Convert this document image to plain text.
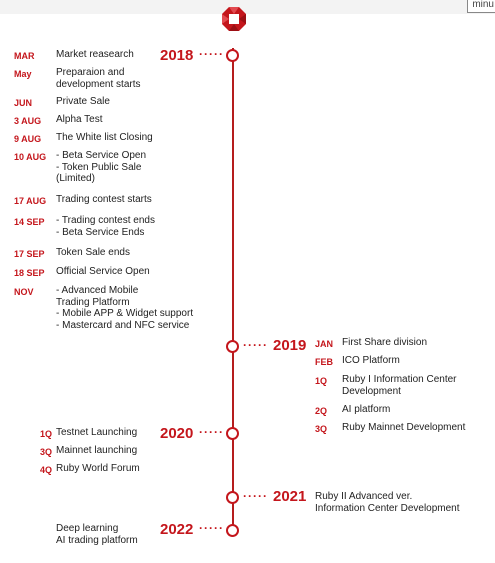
minu
2018 ·····
MAR Market reasearch
May Preparaion and
development starts
JUN Private Sale
3 AUG Alpha Test
9 AUG The White list Closing
10 AUG - Beta Service Open
- Token Public Sale
(Limited)
17 AUG Trading contest starts
14 SEP - Trading contest ends
- Beta Service Ends
17 SEP Token Sale ends
18 SEP Official Service Open
NOV - Advanced Mobile
Trading Platform
- Mobile APP & Widget support
- Mastercard and NFC service
····· 2019 JAN First Share division
FEB ICO Platform
1Q Ruby I Information Center
Development
2Q AI platform
3Q Ruby Mainnet Development
2020 ·····
1Q Testnet Launching
3Q Mainnet launching
4Q Ruby World Forum
····· 2021 Ruby II Advanced ver.
Information Center Development
Deep learning
AI trading platform
2022 ·····
